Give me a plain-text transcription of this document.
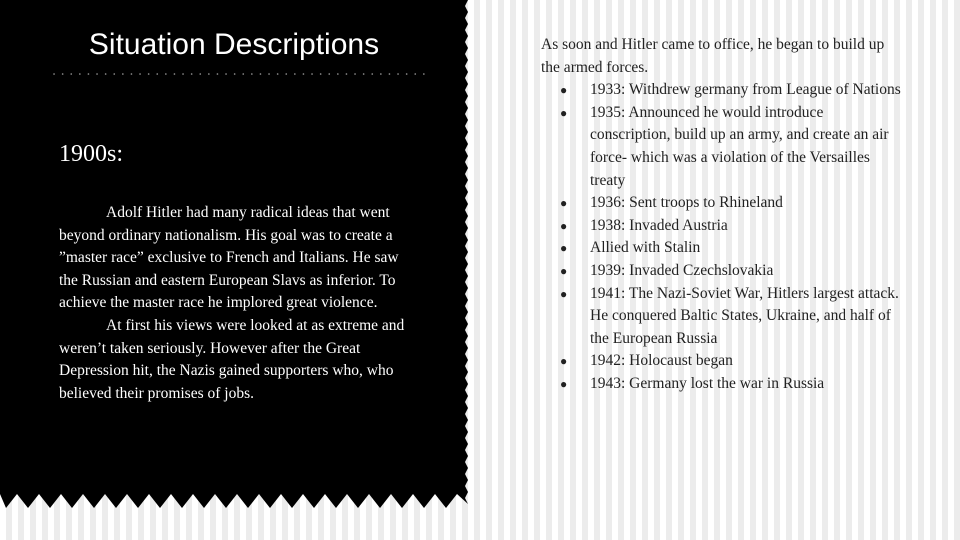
Situation Descriptions
1900s:

Adolf Hitler had many radical ideas that went beyond ordinary nationalism. His goal was to create a ”master race” exclusive to French and Italians. He saw the Russian and eastern European Slavs as inferior. To achieve the master race he implored great violence.

At first his views were looked at as extreme and weren’t taken seriously. However after the Great Depression hit, the Nazis gained supporters who, who believed their promises of jobs.

As soon and Hitler came to office, he began to build up the armed forces.

● 1933: Withdrew germany from League of Nations
● 1935: Announced he would introduce conscription, build up an army, and create an air force- which was a violation of the Versailles treaty
● 1936: Sent troops to Rhineland
● 1938: Invaded Austria
● Allied with Stalin
● 1939: Invaded Czechslovakia
● 1941: The Nazi-Soviet War, Hitlers largest attack. He conquered Baltic States, Ukraine, and half of the European Russia
● 1942: Holocaust began
● 1943: Germany lost the war in Russia
